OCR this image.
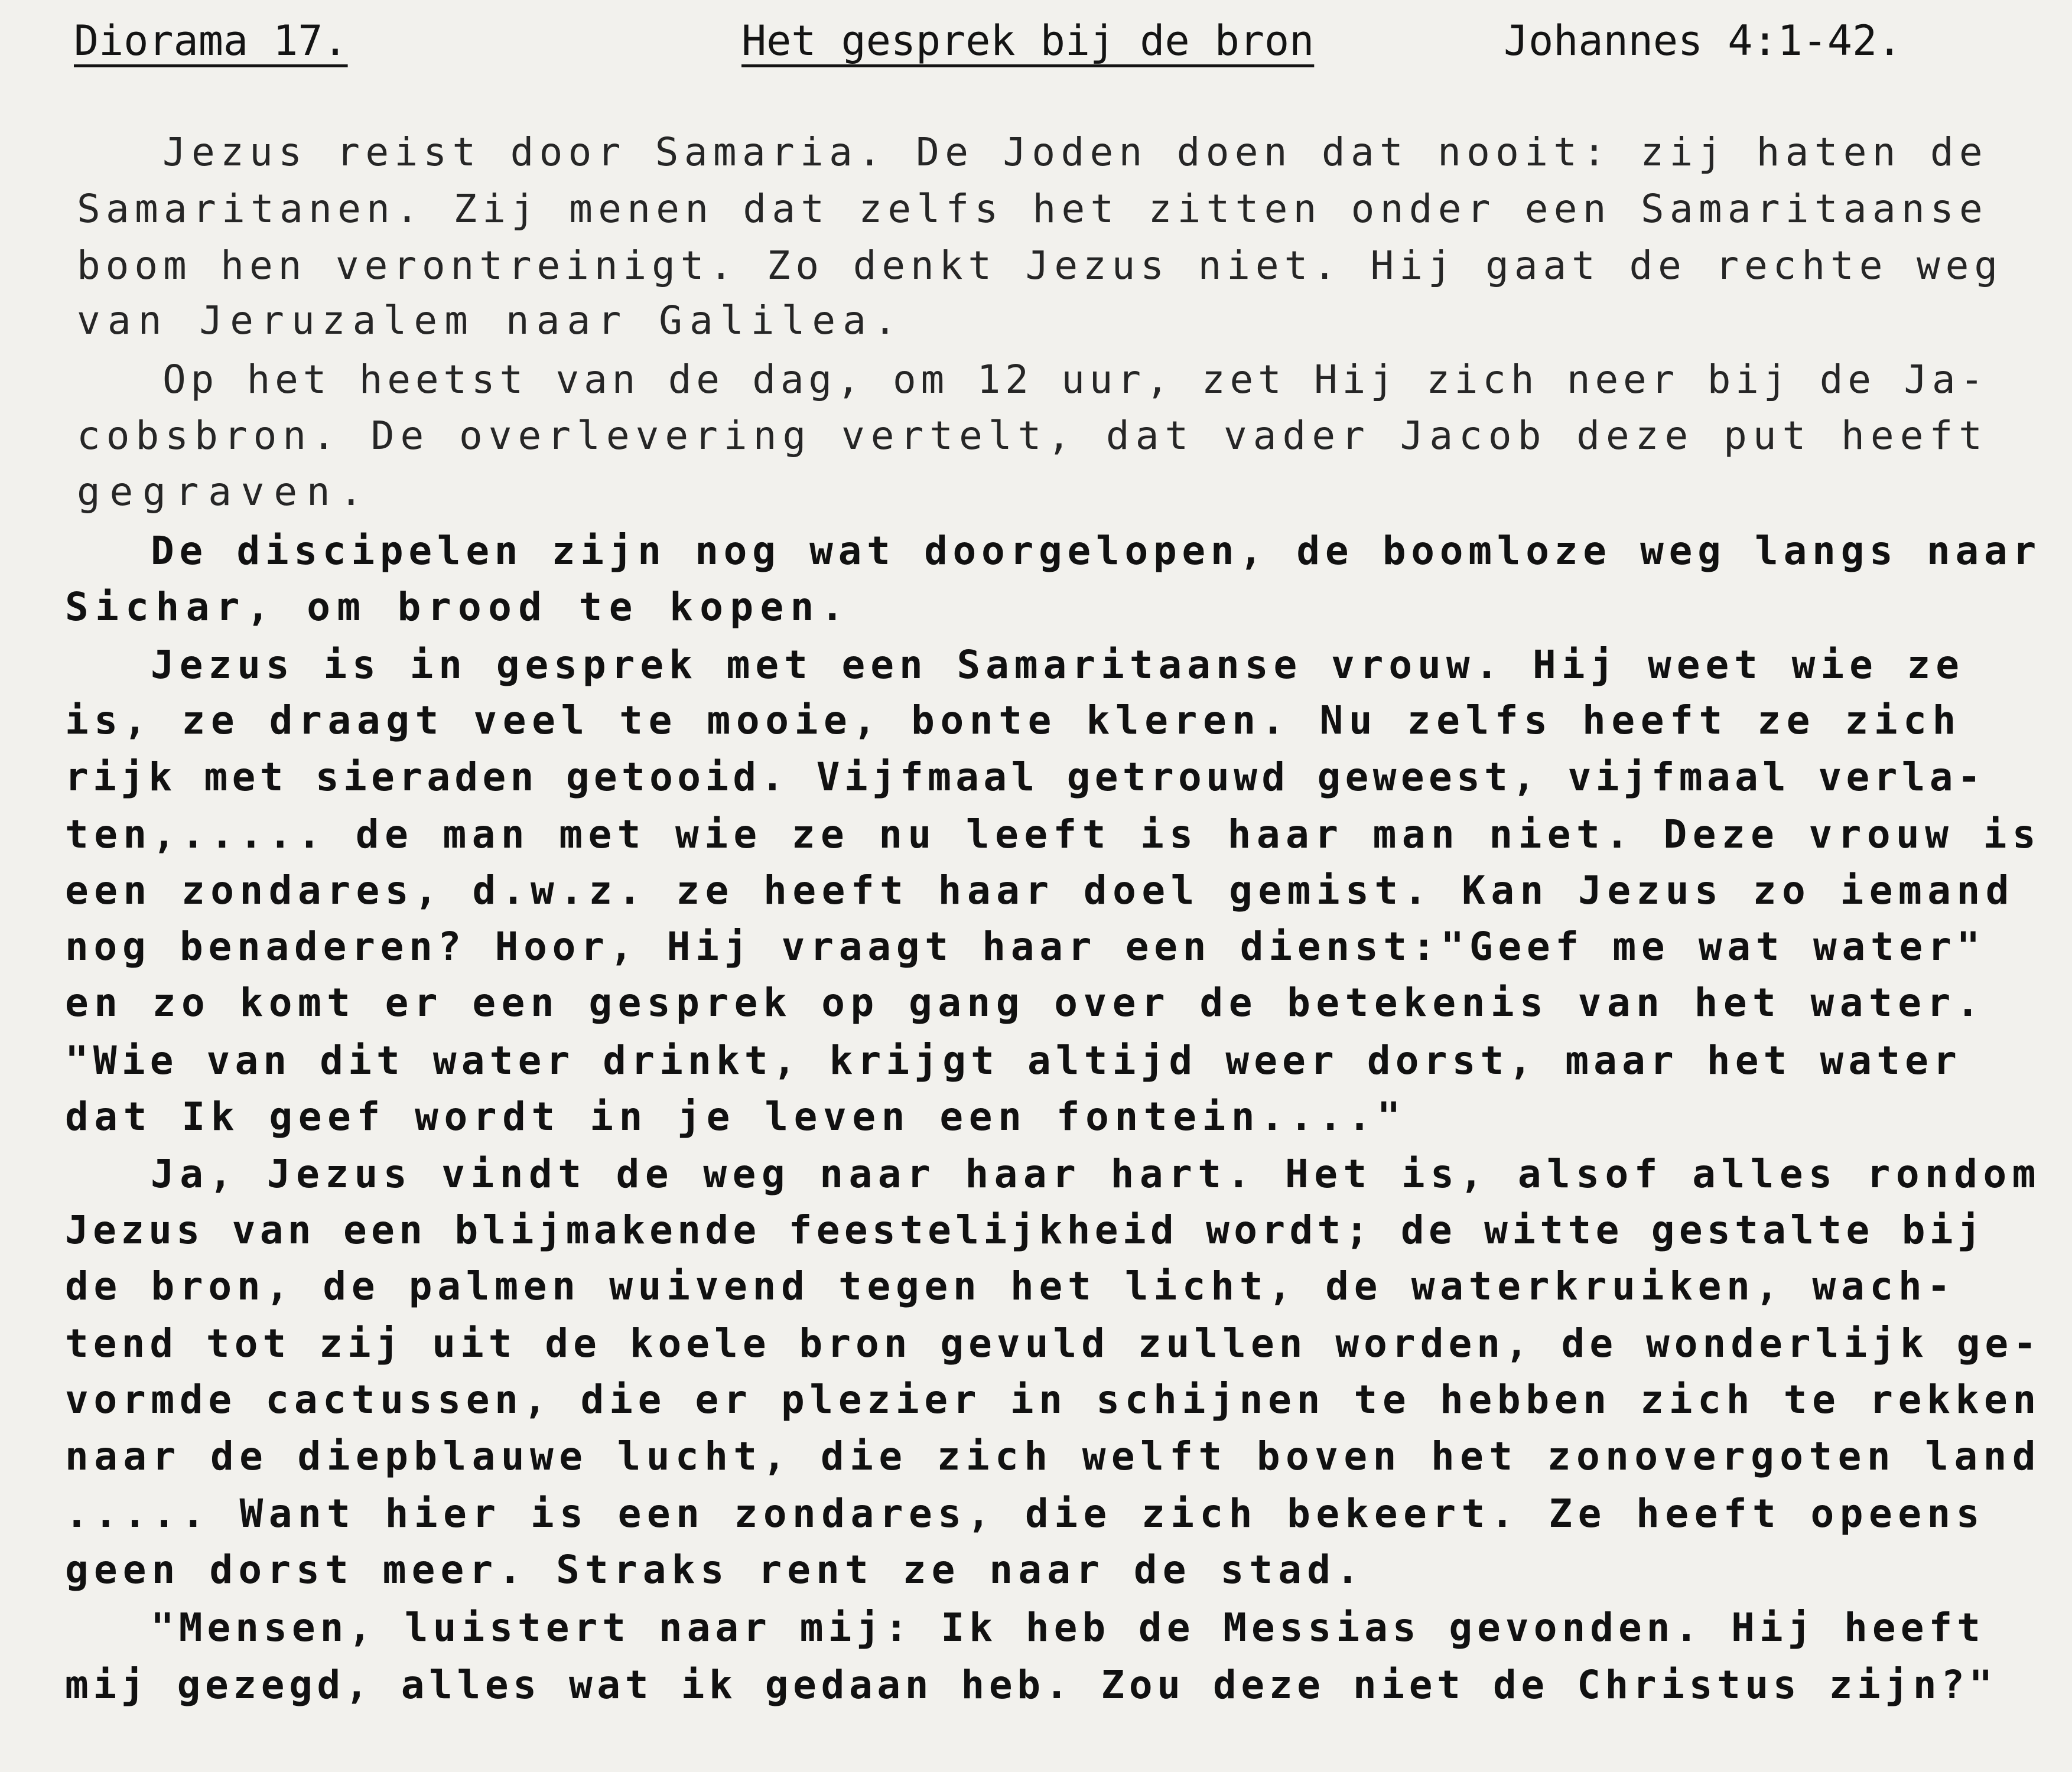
Diorama 17.

	Het gesprek bij de bron

	Johannes 4:1-42.

Jezus reist door Samaria. De Joden doen dat nooit: zij haten de

Samaritanen. Zij menen dat zelfs het zitten onder een Samaritaanse

boom hen verontreinigt. Zo denkt Jezus niet. Hij gaat de rechte weg

van Jeruzalem naar Galilea.

Op het heetst van de dag, om 12 uur, zet Hij zich neer bij de Ja-

cobsbron. De overlevering vertelt, dat vader Jacob deze put heeft

gegraven.

De discipelen zijn nog wat doorgelopen, de boomloze weg langs naar

Sichar, om brood te kopen.

Jezus is in gesprek met een Samaritaanse vrouw. Hij weet wie ze

is, ze draagt veel te mooie, bonte kleren. Nu zelfs heeft ze zich

rijk met sieraden getooid. Vijfmaal getrouwd geweest, vijfmaal verla-

ten,..... de man met wie ze nu leeft is haar man niet. Deze vrouw is

een zondares, d.w.z. ze heeft haar doel gemist. Kan Jezus zo iemand

nog benaderen? Hoor, Hij vraagt haar een dienst:"Geef me wat water"

en zo komt er een gesprek op gang over de betekenis van het water.

"Wie van dit water drinkt, krijgt altijd weer dorst, maar het water

dat Ik geef wordt in je leven een fontein...."

Ja, Jezus vindt de weg naar haar hart. Het is, alsof alles rondom

Jezus van een blijmakende feestelijkheid wordt; de witte gestalte bij

de bron, de palmen wuivend tegen het licht, de waterkruiken, wach-

tend tot zij uit de koele bron gevuld zullen worden, de wonderlijk ge-

vormde cactussen, die er plezier in schijnen te hebben zich te rekken

naar de diepblauwe lucht, die zich welft boven het zonovergoten land

..... Want hier is een zondares, die zich bekeert. Ze heeft opeens

geen dorst meer. Straks rent ze naar de stad.

"Mensen, luistert naar mij: Ik heb de Messias gevonden. Hij heeft

mij gezegd, alles wat ik gedaan heb. Zou deze niet de Christus zijn?"
